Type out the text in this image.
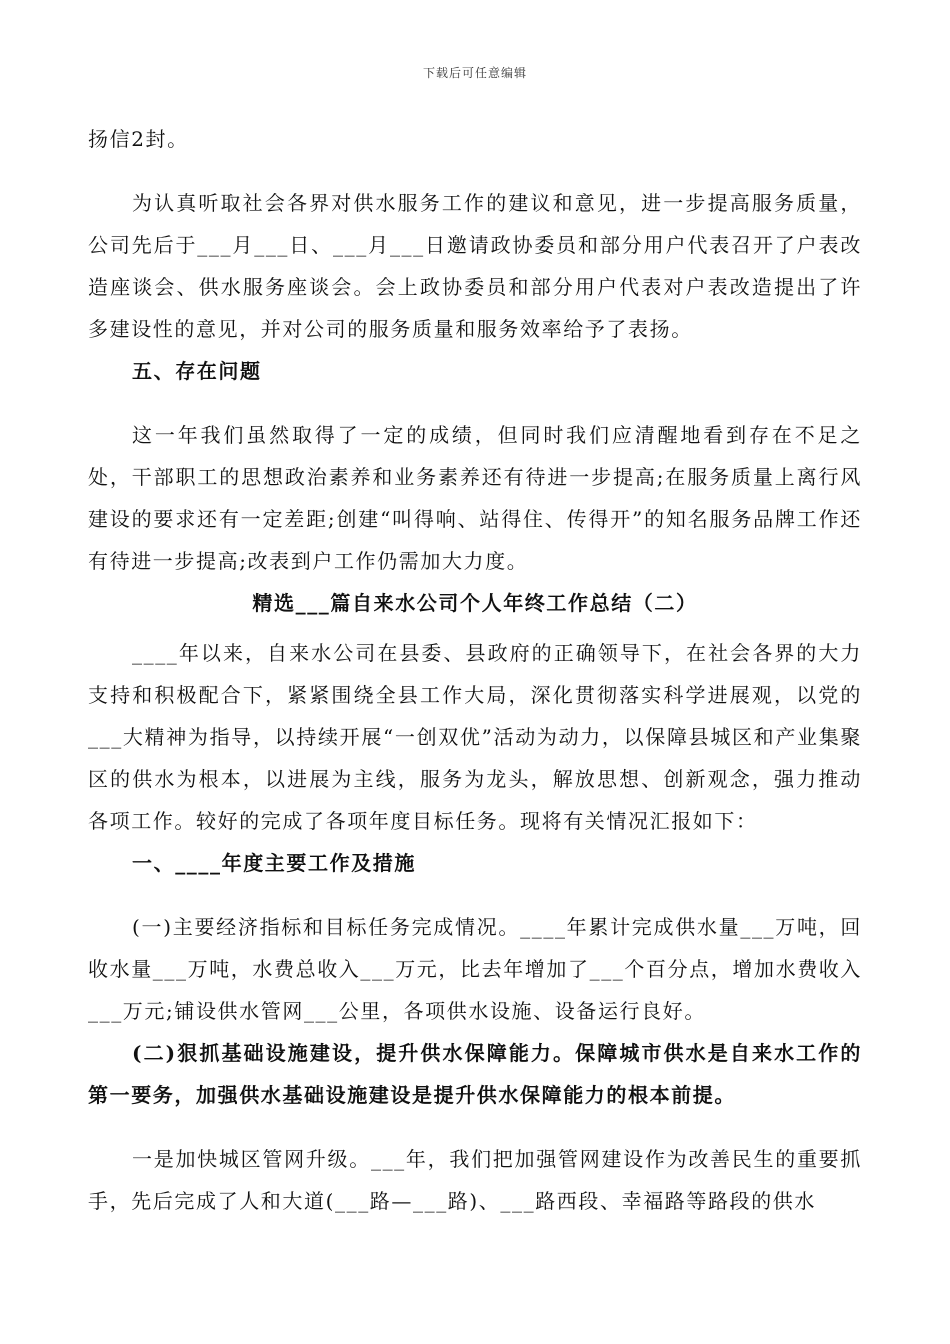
下载后可任意编辑

扬信2封。

为认真听取社会各界对供水服务工作的建议和意见，进一步提高服务质量，公司先后于___月___日、___月___日邀请政协委员和部分用户代表召开了户表改造座谈会、供水服务座谈会。会上政协委员和部分用户代表对户表改造提出了许多建设性的意见，并对公司的服务质量和服务效率给予了表扬。

五、存在问题

这一年我们虽然取得了一定的成绩，但同时我们应清醒地看到存在不足之处，干部职工的思想政治素养和业务素养还有待进一步提高;在服务质量上离行风建设的要求还有一定差距;创建“叫得响、站得住、传得开”的知名服务品牌工作还有待进一步提高;改表到户工作仍需加大力度。

精选___篇自来水公司个人年终工作总结（二）

____年以来，自来水公司在县委、县政府的正确领导下，在社会各界的大力支持和积极配合下，紧紧围绕全县工作大局，深化贯彻落实科学进展观，以党的___大精神为指导，以持续开展“一创双优”活动为动力，以保障县城区和产业集聚区的供水为根本，以进展为主线，服务为龙头，解放思想、创新观念，强力推动各项工作。较好的完成了各项年度目标任务。现将有关情况汇报如下：

一、____年度主要工作及措施

(一)主要经济指标和目标任务完成情况。____年累计完成供水量___万吨，回收水量___万吨，水费总收入___万元，比去年增加了___个百分点，增加水费收入___万元;铺设供水管网___公里，各项供水设施、设备运行良好。

(二)狠抓基础设施建设，提升供水保障能力。保障城市供水是自来水工作的第一要务，加强供水基础设施建设是提升供水保障能力的根本前提。

一是加快城区管网升级。___年，我们把加强管网建设作为改善民生的重要抓手，先后完成了人和大道(___路—___路)、___路西段、幸福路等路段的供水
